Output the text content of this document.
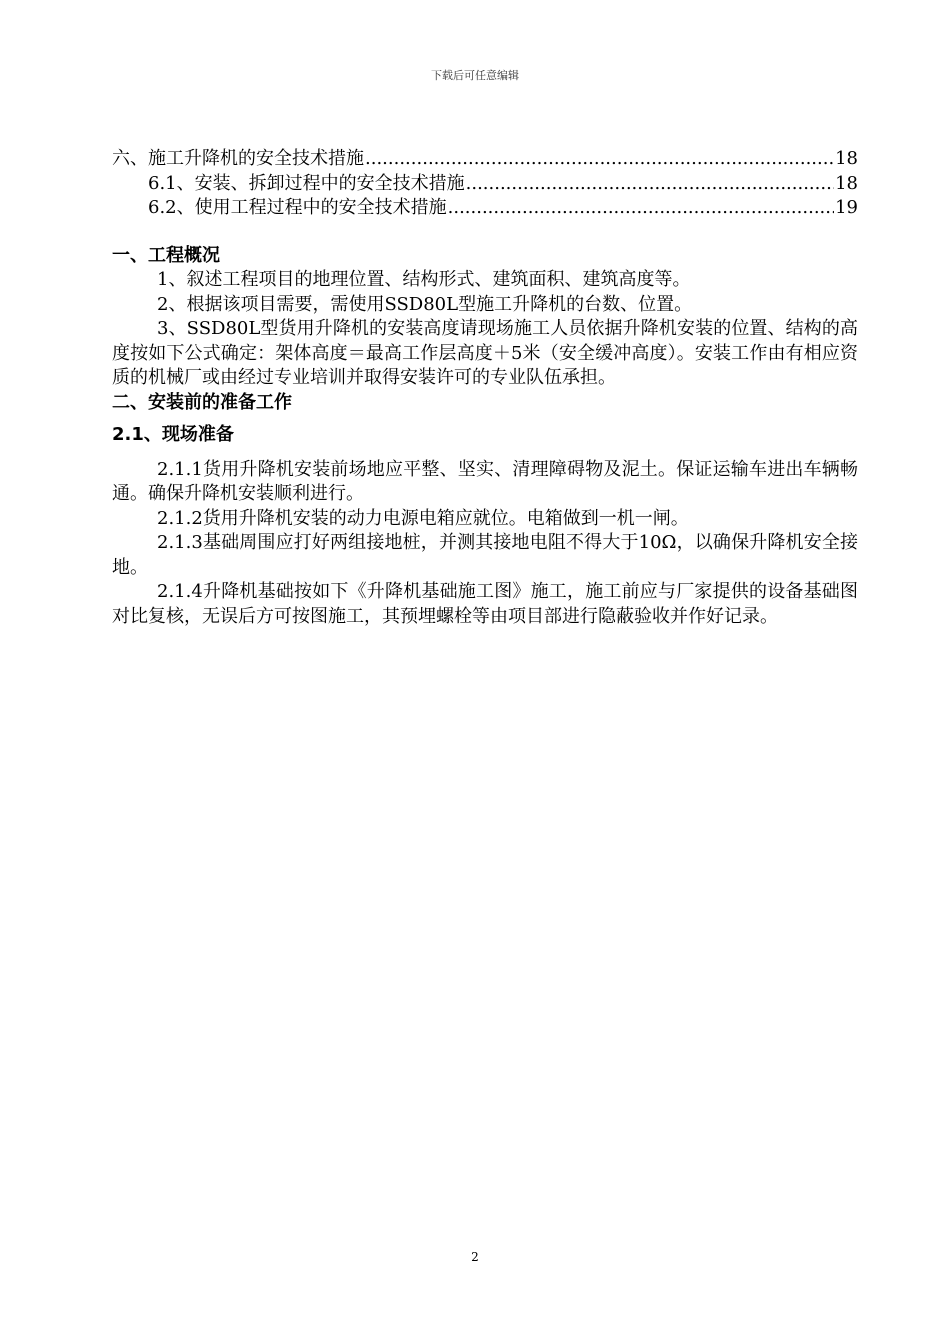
下载后可任意编辑
六、施工升降机的安全技术措施 .....	18
6.1、安装、拆卸过程中的安全技术措施 .....	18
6.2、使用工程过程中的安全技术措施 .....	19
一、工程概况

1、叙述工程项目的地理位置、结构形式、建筑面积、建筑高度等。

2、根据该项目需要，需使用SSD80L型施工升降机的台数、位置。

3、SSD80L型货用升降机的安装高度请现场施工人员依据升降机安装的位置、结构的高度按如下公式确定：架体高度＝最高工作层高度＋5米（安全缓冲高度）。安装工作由有相应资质的机械厂或由经过专业培训并取得安装许可的专业队伍承担。

二、安装前的准备工作
2.1、现场准备

2.1.1货用升降机安装前场地应平整、坚实、清理障碍物及泥土。保证运输车进出车辆畅通。确保升降机安装顺利进行。

2.1.2货用升降机安装的动力电源电箱应就位。电箱做到一机一闸。

2.1.3基础周围应打好两组接地桩，并测其接地电阻不得大于10Ω，以确保升降机安全接地。

2.1.4升降机基础按如下《升降机基础施工图》施工，施工前应与厂家提供的设备基础图对比复核，无误后方可按图施工，其预埋螺栓等由项目部进行隐蔽验收并作好记录。

2
